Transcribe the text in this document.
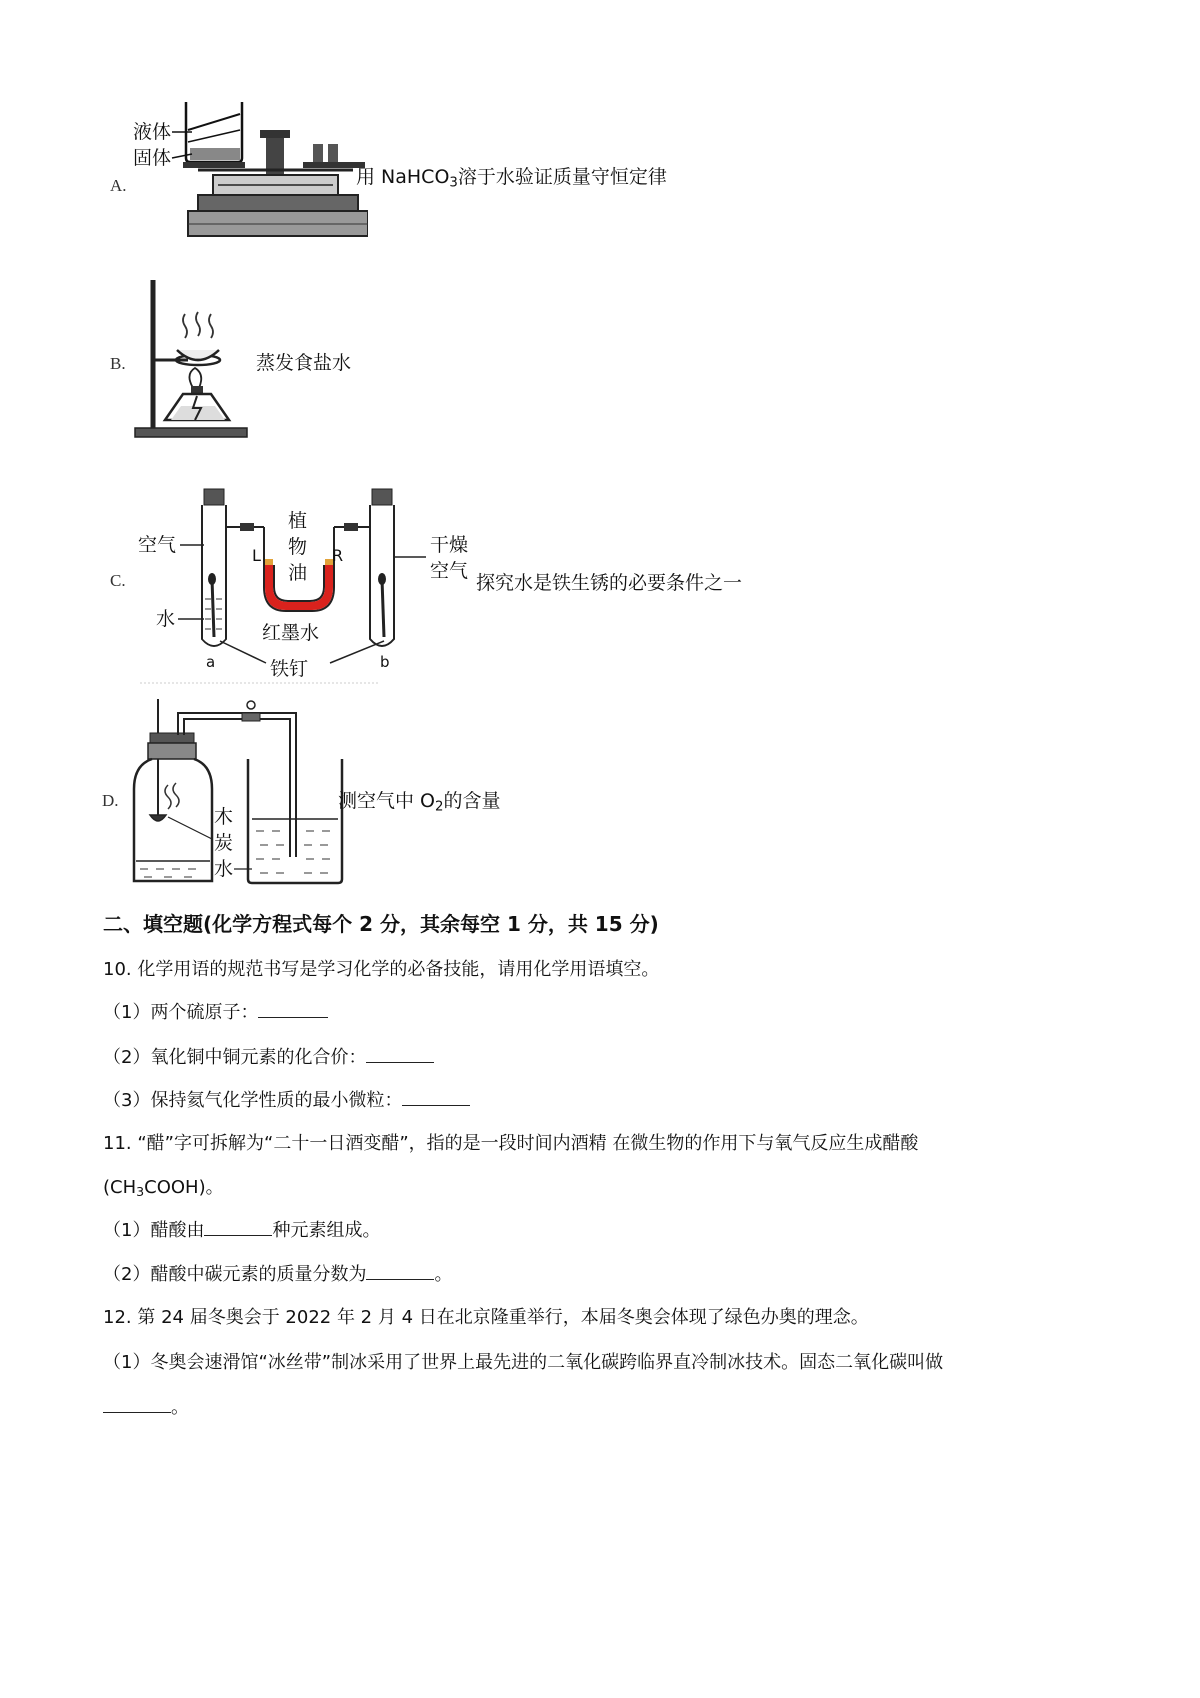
A.
液体
固体
用 NaHCO$_3$溶于水验证质量守恒定律
B.	蒸发食盐水
C.
空气
水
a	b
L	R
植
物
油
红墨水
铁钉
干燥
空气
探究水是铁生锈的必要条件之一
D.
木
炭
水
测空气中 $O_2$的含量
二、填空题(化学方程式每个 2 分，其余每空 1 分，共 15 分)
10. 化学用语的规范书写是学习化学的必备技能，请用化学用语填空。
（1）两个硫原子：
（2）氧化铜中铜元素的化合价：
（3）保持氦气化学性质的最小微粒：
11. “醋”字可拆解为“二十一日酒变醋”，指的是一段时间内酒精 在微生物的作用下与氧气反应生成醋酸
$(CH_3COOH)$。
（1）醋酸由	种元素组成。
（2）醋酸中碳元素的质量分数为	。
12. 第 24 届冬奥会于 2022 年 2 月 4 日在北京隆重举行，本届冬奥会体现了绿色办奥的理念。
（1）冬奥会速滑馆“冰丝带”制冰采用了世界上最先进的二氧化碳跨临界直冷制冰技术。固态二氧化碳叫做
。
